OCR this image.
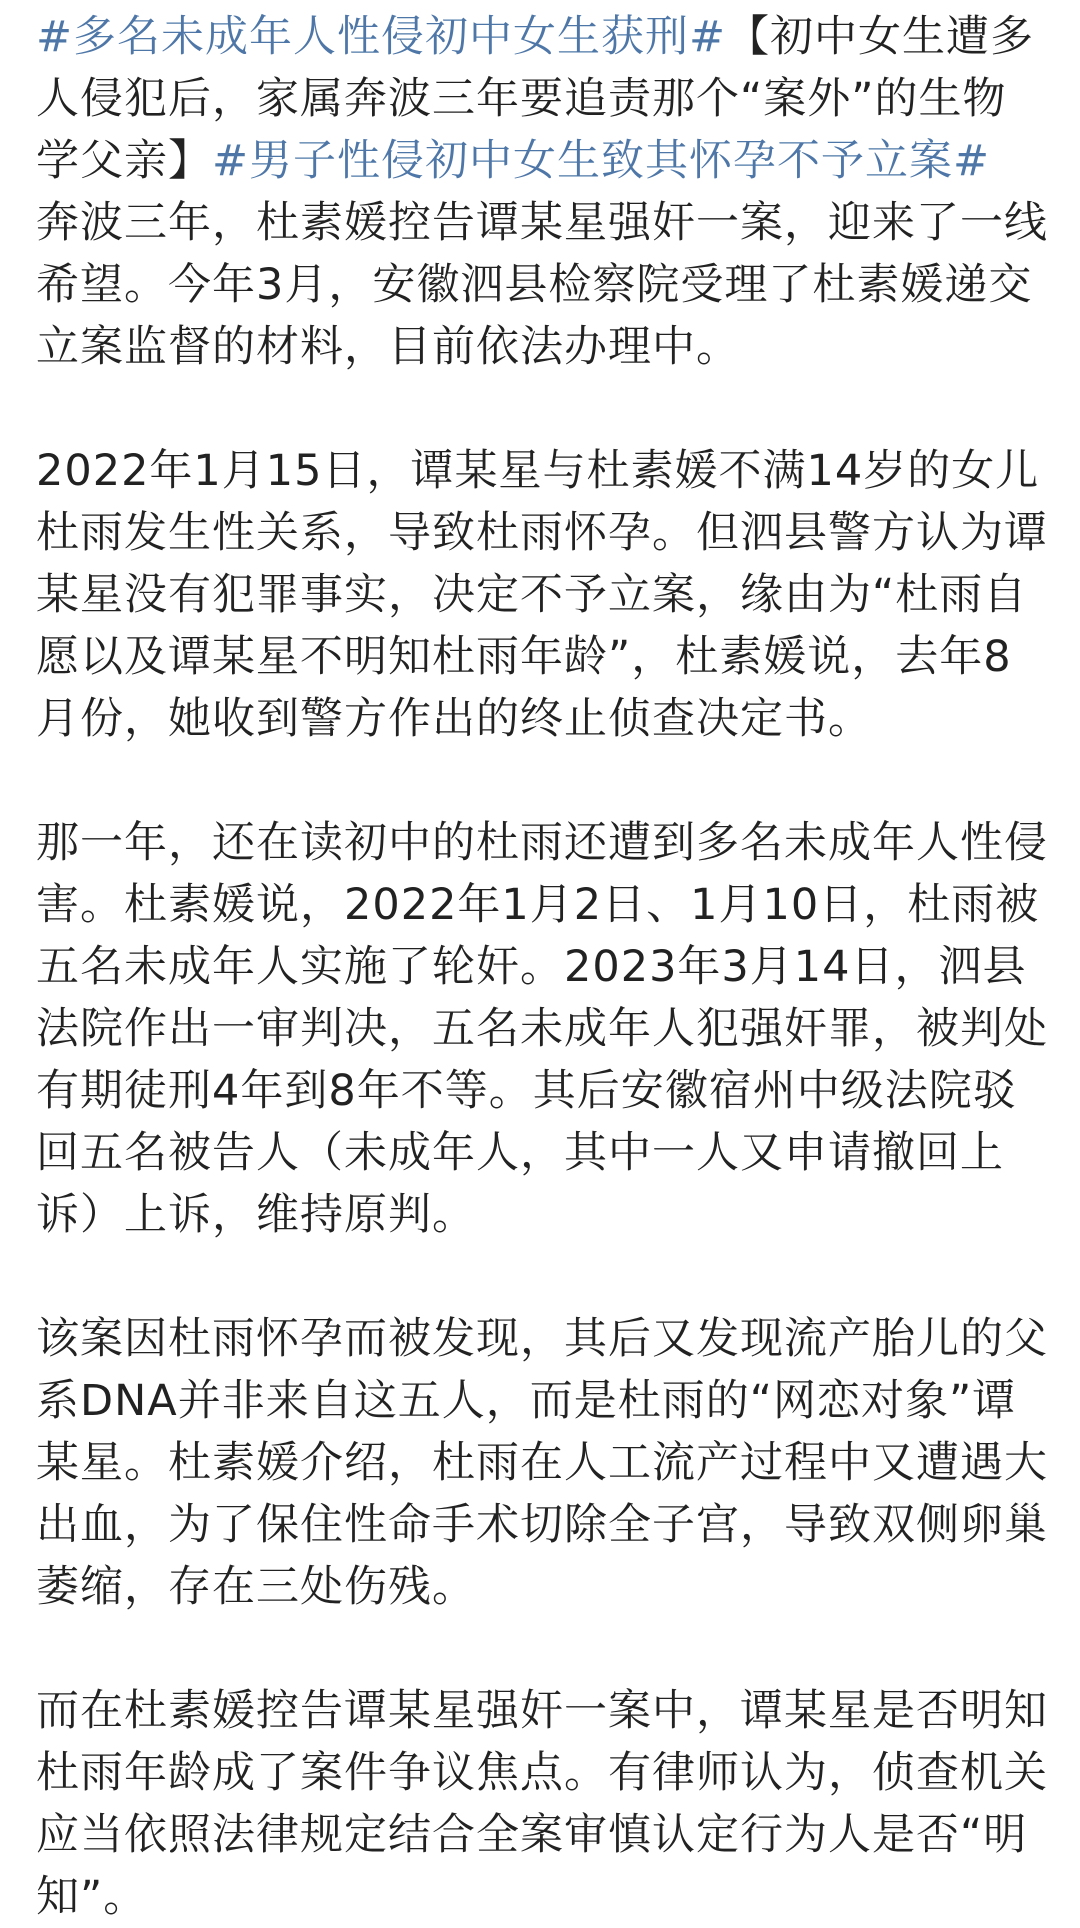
#多名未成年人性侵初中女生获刑#【初中女生遭多人侵犯后，家属奔波三年要追责那个“案外”的生物学父亲】#男子性侵初中女生致其怀孕不予立案# 奔波三年，杜素媛控告谭某星强奸一案，迎来了一线希望。今年3月，安徽泗县检察院受理了杜素媛递交立案监督的材料，目前依法办理中。

2022年1月15日，谭某星与杜素媛不满14岁的女儿杜雨发生性关系，导致杜雨怀孕。但泗县警方认为谭某星没有犯罪事实，决定不予立案，缘由为“杜雨自愿以及谭某星不明知杜雨年龄”，杜素媛说，去年8月份，她收到警方作出的终止侦查决定书。

那一年，还在读初中的杜雨还遭到多名未成年人性侵害。杜素媛说，2022年1月2日、1月10日，杜雨被五名未成年人实施了轮奸。2023年3月14日，泗县法院作出一审判决，五名未成年人犯强奸罪，被判处有期徒刑4年到8年不等。其后安徽宿州中级法院驳回五名被告人（未成年人，其中一人又申请撤回上诉）上诉，维持原判。

该案因杜雨怀孕而被发现，其后又发现流产胎儿的父系DNA并非来自这五人，而是杜雨的“网恋对象”谭某星。杜素媛介绍，杜雨在人工流产过程中又遭遇大出血，为了保住性命手术切除全子宫，导致双侧卵巢萎缩，存在三处伤残。

而在杜素媛控告谭某星强奸一案中，谭某星是否明知杜雨年龄成了案件争议焦点。有律师认为，侦查机关应当依照法律规定结合全案审慎认定行为人是否“明知”。
